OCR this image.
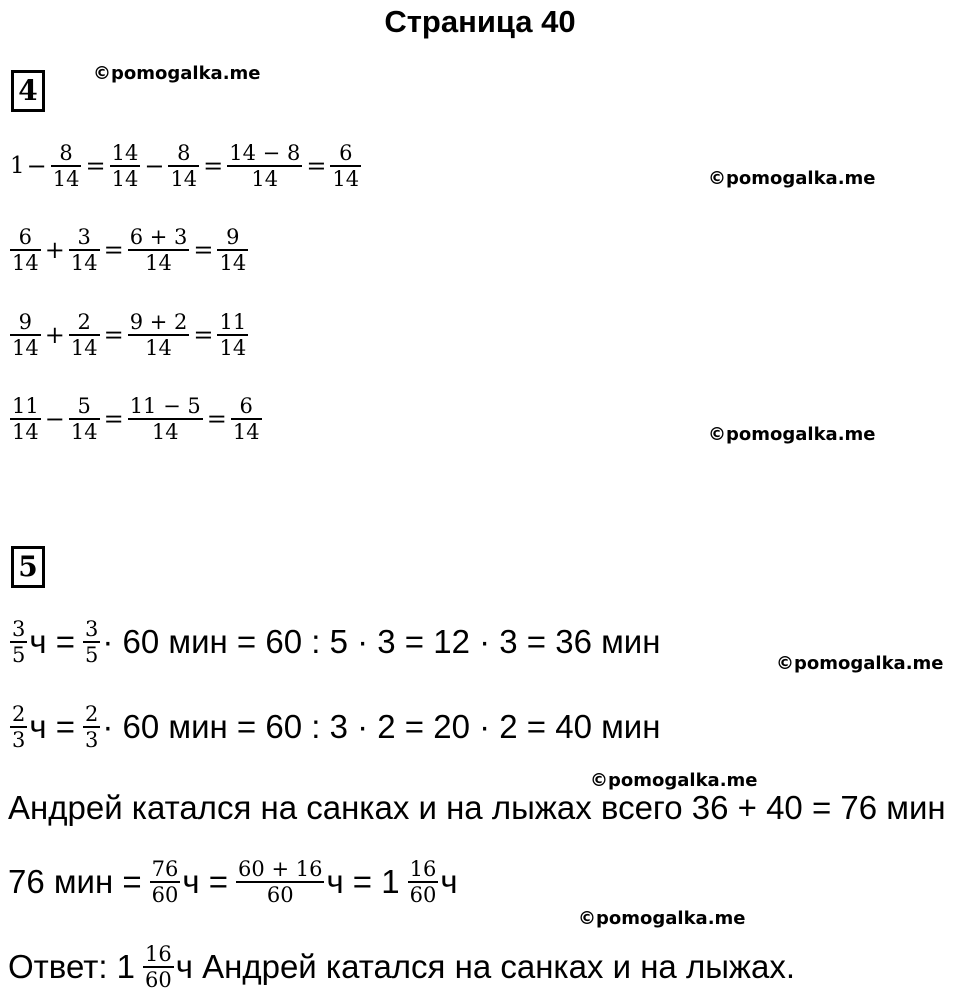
Страница 40
©pomogalka.me
©pomogalka.me
©pomogalka.me
©pomogalka.me
©pomogalka.me
©pomogalka.me
4
$1 - \frac{8}{14} = \frac{14}{14} - \frac{8}{14} = \frac{14 - 8}{14} = \frac{6}{14}$
$\frac{6}{14} + \frac{3}{14} = \frac{6 + 3}{14} = \frac{9}{14}$
$\frac{9}{14} + \frac{2}{14} = \frac{9 + 2}{14} = \frac{11}{14}$
$\frac{11}{14} - \frac{5}{14} = \frac{11 - 5}{14} = \frac{6}{14}$
5
$\frac{3}{5}$ $ч = \frac{3}{5} \cdot 60$ мин = 60 : 5 · 3 = 12 · 3 = 36 мин
$\frac{2}{3}$ $ч = \frac{2}{3} \cdot 60$ мин = 60 : 3 · 2 = 20 · 2 = 40 мин
Андрей катался на санках и на лыжах всего 36 + 40 = 76 мин
76 мин = $\frac{76}{60}$ $ч = \frac{60 + 16}{60}$ $ч = 1 \frac{16}{60}$ ч
Ответ: $1 \frac{16}{60}$ ч Андрей катался на санках и на лыжах.
